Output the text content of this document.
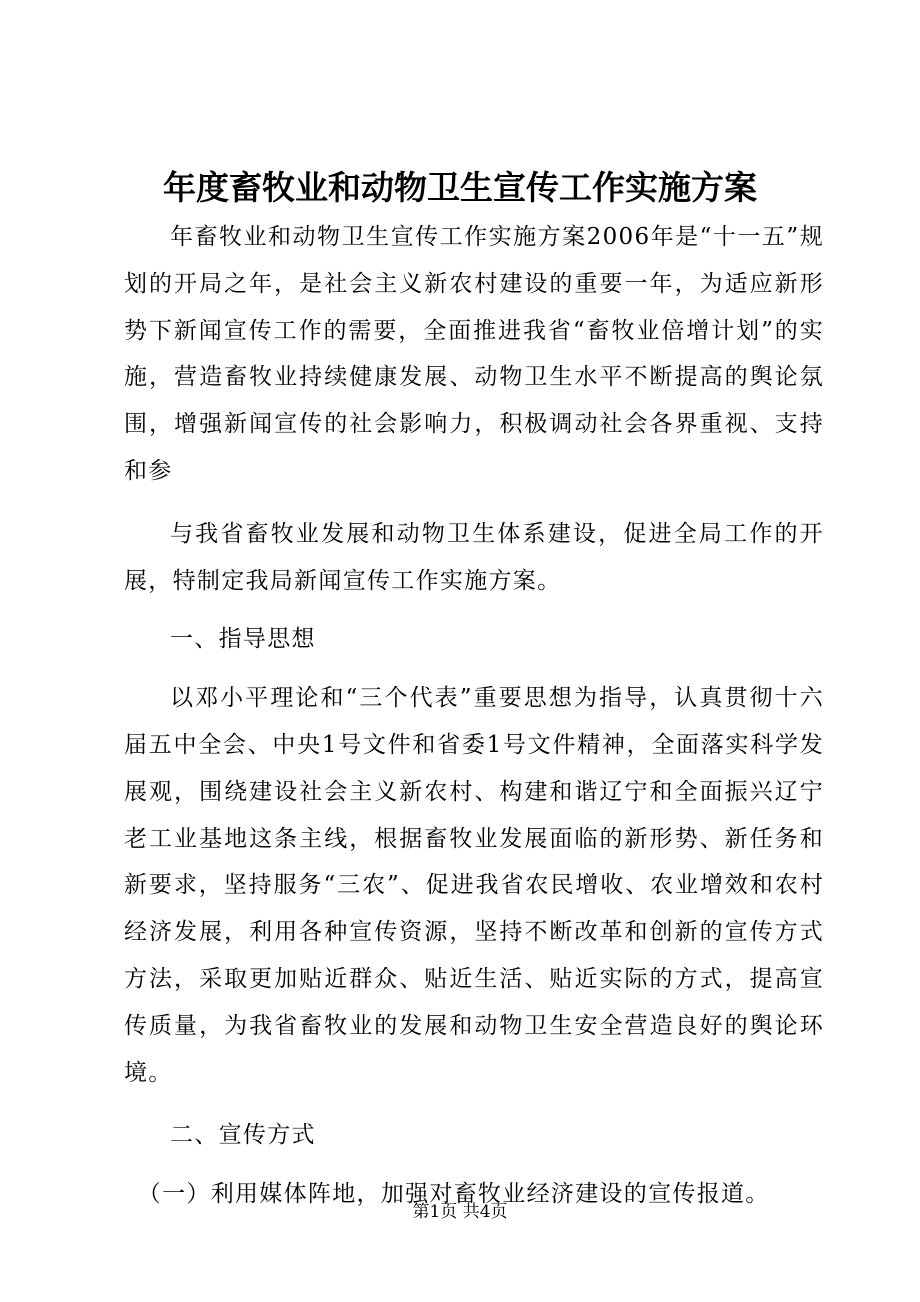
年度畜牧业和动物卫生宣传工作实施方案

年畜牧业和动物卫生宣传工作实施方案2006年是“十一五”规划的开局之年，是社会主义新农村建设的重要一年，为适应新形势下新闻宣传工作的需要，全面推进我省“畜牧业倍增计划”的实施，营造畜牧业持续健康发展、动物卫生水平不断提高的舆论氛围，增强新闻宣传的社会影响力，积极调动社会各界重视、支持和参

与我省畜牧业发展和动物卫生体系建设，促进全局工作的开展，特制定我局新闻宣传工作实施方案。

一、指导思想

以邓小平理论和“三个代表”重要思想为指导，认真贯彻十六届五中全会、中央1号文件和省委1号文件精神，全面落实科学发展观，围绕建设社会主义新农村、构建和谐辽宁和全面振兴辽宁老工业基地这条主线，根据畜牧业发展面临的新形势、新任务和新要求，坚持服务“三农”、促进我省农民增收、农业增效和农村经济发展，利用各种宣传资源，坚持不断改革和创新的宣传方式方法，采取更加贴近群众、贴近生活、贴近实际的方式，提高宣传质量，为我省畜牧业的发展和动物卫生安全营造良好的舆论环境。

二、宣传方式

（一）利用媒体阵地，加强对畜牧业经济建设的宣传报道。

第1页 共4页
